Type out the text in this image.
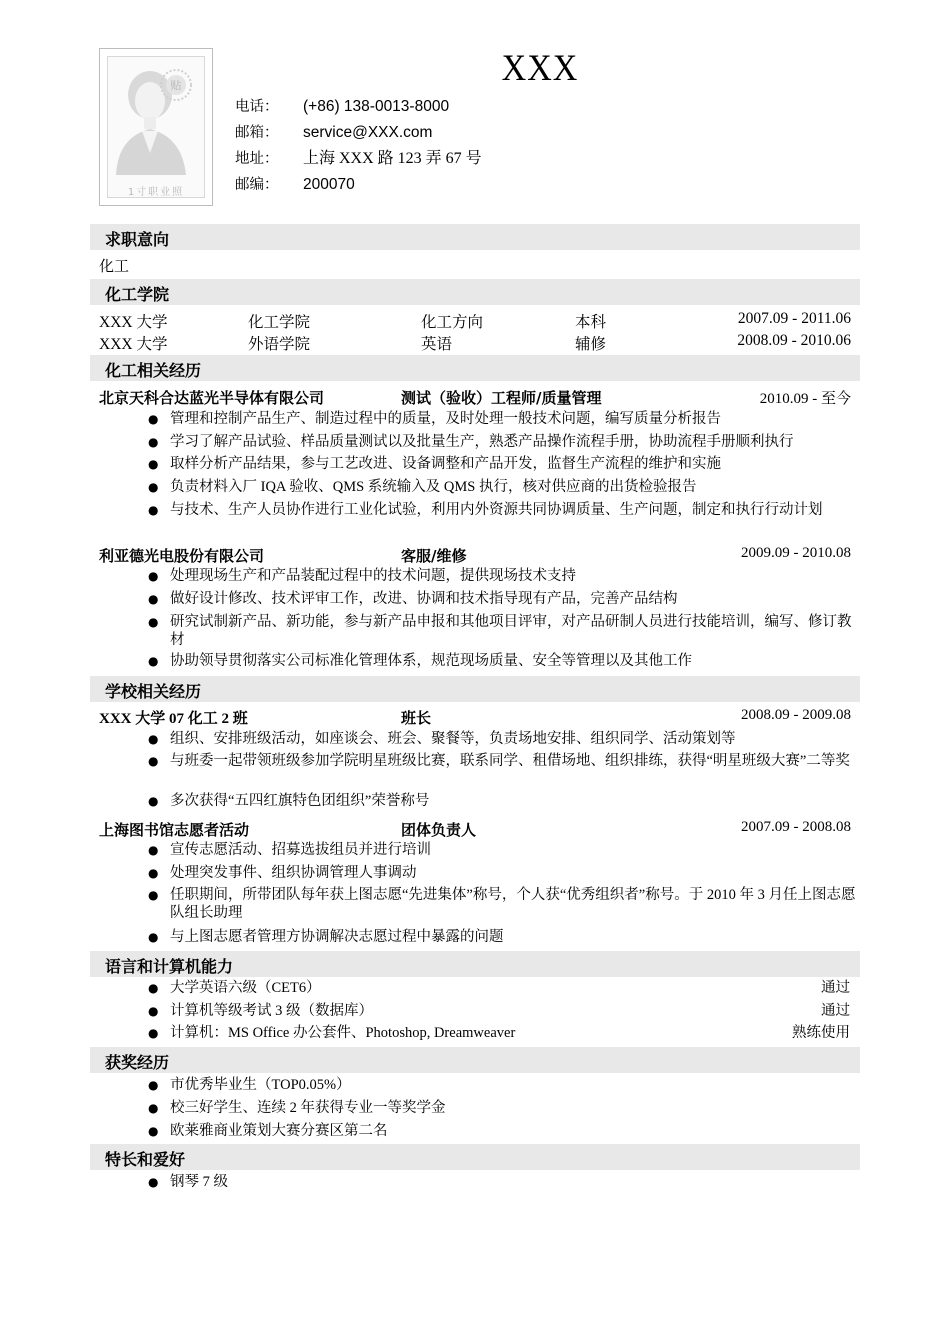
贴
1寸职业照
XXX
电话：	(+86) 138-0013-8000
邮箱：	service@XXX.com
地址：	上海 XXX 路 123 弄 67 号
邮编：	200070
求职意向
化工
化工学院
XXX 大学	化工学院	化工方向	本科	2007.09 - 2011.06
XXX 大学	外语学院	英语	辅修	2008.09 - 2010.06
化工相关经历
北京天科合达蓝光半导体有限公司	测试（验收）工程师/质量管理	2010.09 - 至今
● 管理和控制产品生产、制造过程中的质量，及时处理一般技术问题，编写质量分析报告
● 学习了解产品试验、样品质量测试以及批量生产，熟悉产品操作流程手册，协助流程手册顺利执行
● 取样分析产品结果，参与工艺改进、设备调整和产品开发，监督生产流程的维护和实施
● 负责材料入厂 IQA 验收、QMS 系统输入及 QMS 执行，核对供应商的出货检验报告
● 与技术、生产人员协作进行工业化试验，利用内外资源共同协调质量、生产问题，制定和执行行动计划
利亚德光电股份有限公司	客服/维修	2009.09 - 2010.08
● 处理现场生产和产品装配过程中的技术问题，提供现场技术支持
● 做好设计修改、技术评审工作，改进、协调和技术指导现有产品，完善产品结构
● 研究试制新产品、新功能，参与新产品申报和其他项目评审，对产品研制人员进行技能培训，编写、修订教材
● 协助领导贯彻落实公司标准化管理体系，规范现场质量、安全等管理以及其他工作
学校相关经历
XXX 大学 07 化工 2 班	班长	2008.09 - 2009.08
● 组织、安排班级活动，如座谈会、班会、聚餐等，负责场地安排、组织同学、活动策划等
● 与班委一起带领班级参加学院明星班级比赛，联系同学、租借场地、组织排练，获得“明星班级大赛”二等奖
● 多次获得“五四红旗特色团组织”荣誉称号
上海图书馆志愿者活动	团体负责人	2007.09 - 2008.08
● 宣传志愿活动、招募选拔组员并进行培训
● 处理突发事件、组织协调管理人事调动
● 任职期间，所带团队每年获上图志愿“先进集体”称号，个人获“优秀组织者”称号。于 2010 年 3 月任上图志愿队组长助理
● 与上图志愿者管理方协调解决志愿过程中暴露的问题
语言和计算机能力
● 大学英语六级（CET6）	通过
● 计算机等级考试 3 级（数据库）	通过
● 计算机：MS Office 办公套件、Photoshop, Dreamweaver	熟练使用
获奖经历
● 市优秀毕业生（TOP0.05%）
● 校三好学生、连续 2 年获得专业一等奖学金
● 欧莱雅商业策划大赛分赛区第二名
特长和爱好
● 钢琴 7 级
